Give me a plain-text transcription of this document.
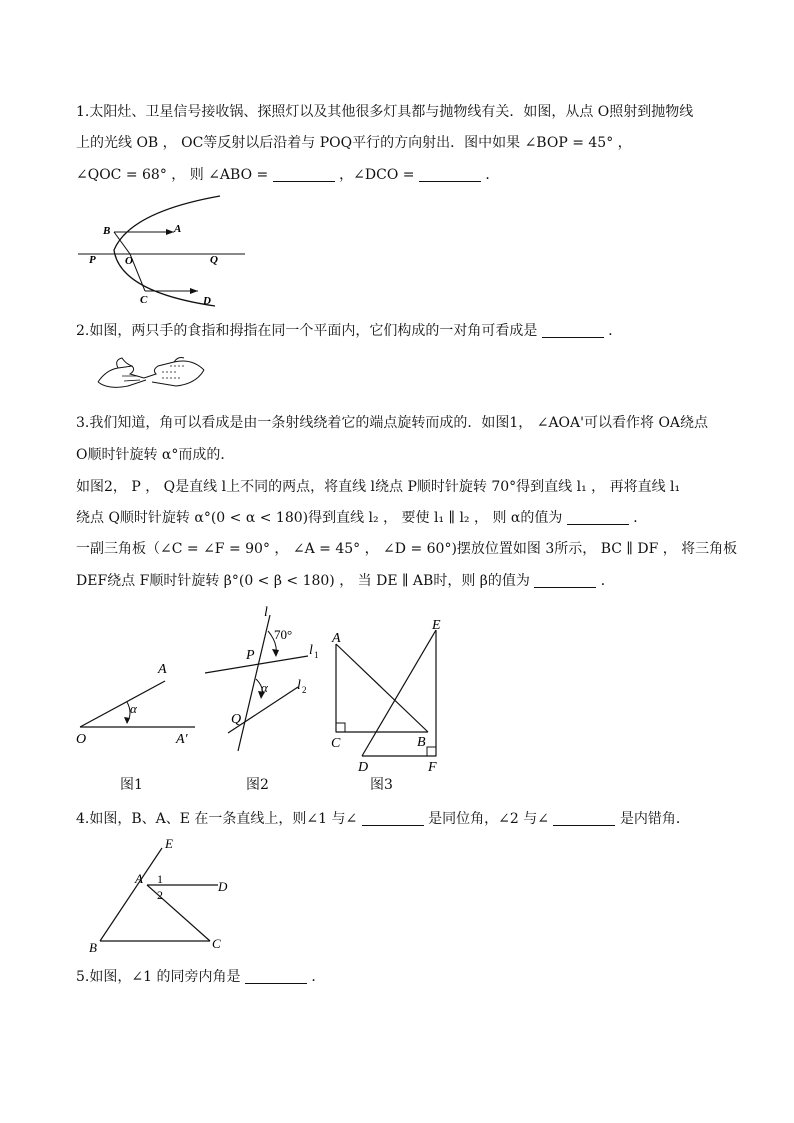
1.太阳灶、卫星信号接收锅、探照灯以及其他很多灯具都与抛物线有关．如图，从点 O照射到抛物线
上的光线 OB ， OC等反射以后沿着与 POQ平行的方向射出．图中如果 ∠BOP = 45° ，
∠QOC = 68° ， 则 ∠ABO =	，∠DCO =	．
B	A
P	O	Q
C	D
2.如图，两只手的食指和拇指在同一个平面内，它们构成的一对角可看成是	．
3.我们知道，角可以看成是由一条射线绕着它的端点旋转而成的．如图1， ∠AOA'可以看作将 OA绕点
O顺时针旋转 α°而成的．
如图2， P ， Q是直线 l上不同的两点，将直线 l绕点 P顺时针旋转 70°得到直线 l₁ ， 再将直线 l₁
绕点 Q顺时针旋转 α°(0 < α < 180)得到直线 l₂ ， 要使 l₁ ∥ l₂ ， 则 α的值为	．
一副三角板（∠C = ∠F = 90° ， ∠A = 45° ， ∠D = 60°)摆放位置如图 3所示， BC ∥ DF ， 将三角板
DEF绕点 F顺时针旋转 β°(0 < β < 180) ， 当 DE ∥ AB时，则 β的值为	．
A
α
O	A′
图1
l
70°
P	l 1
α l 2
Q
图2
A
E
C	B
D	F
图3
4.如图，B、A、E 在一条直线上，则∠1 与∠	是同位角，∠2 与∠	是内错角．
E
A 1	D
2
B	C
5.如图，∠1 的同旁内角是	．
